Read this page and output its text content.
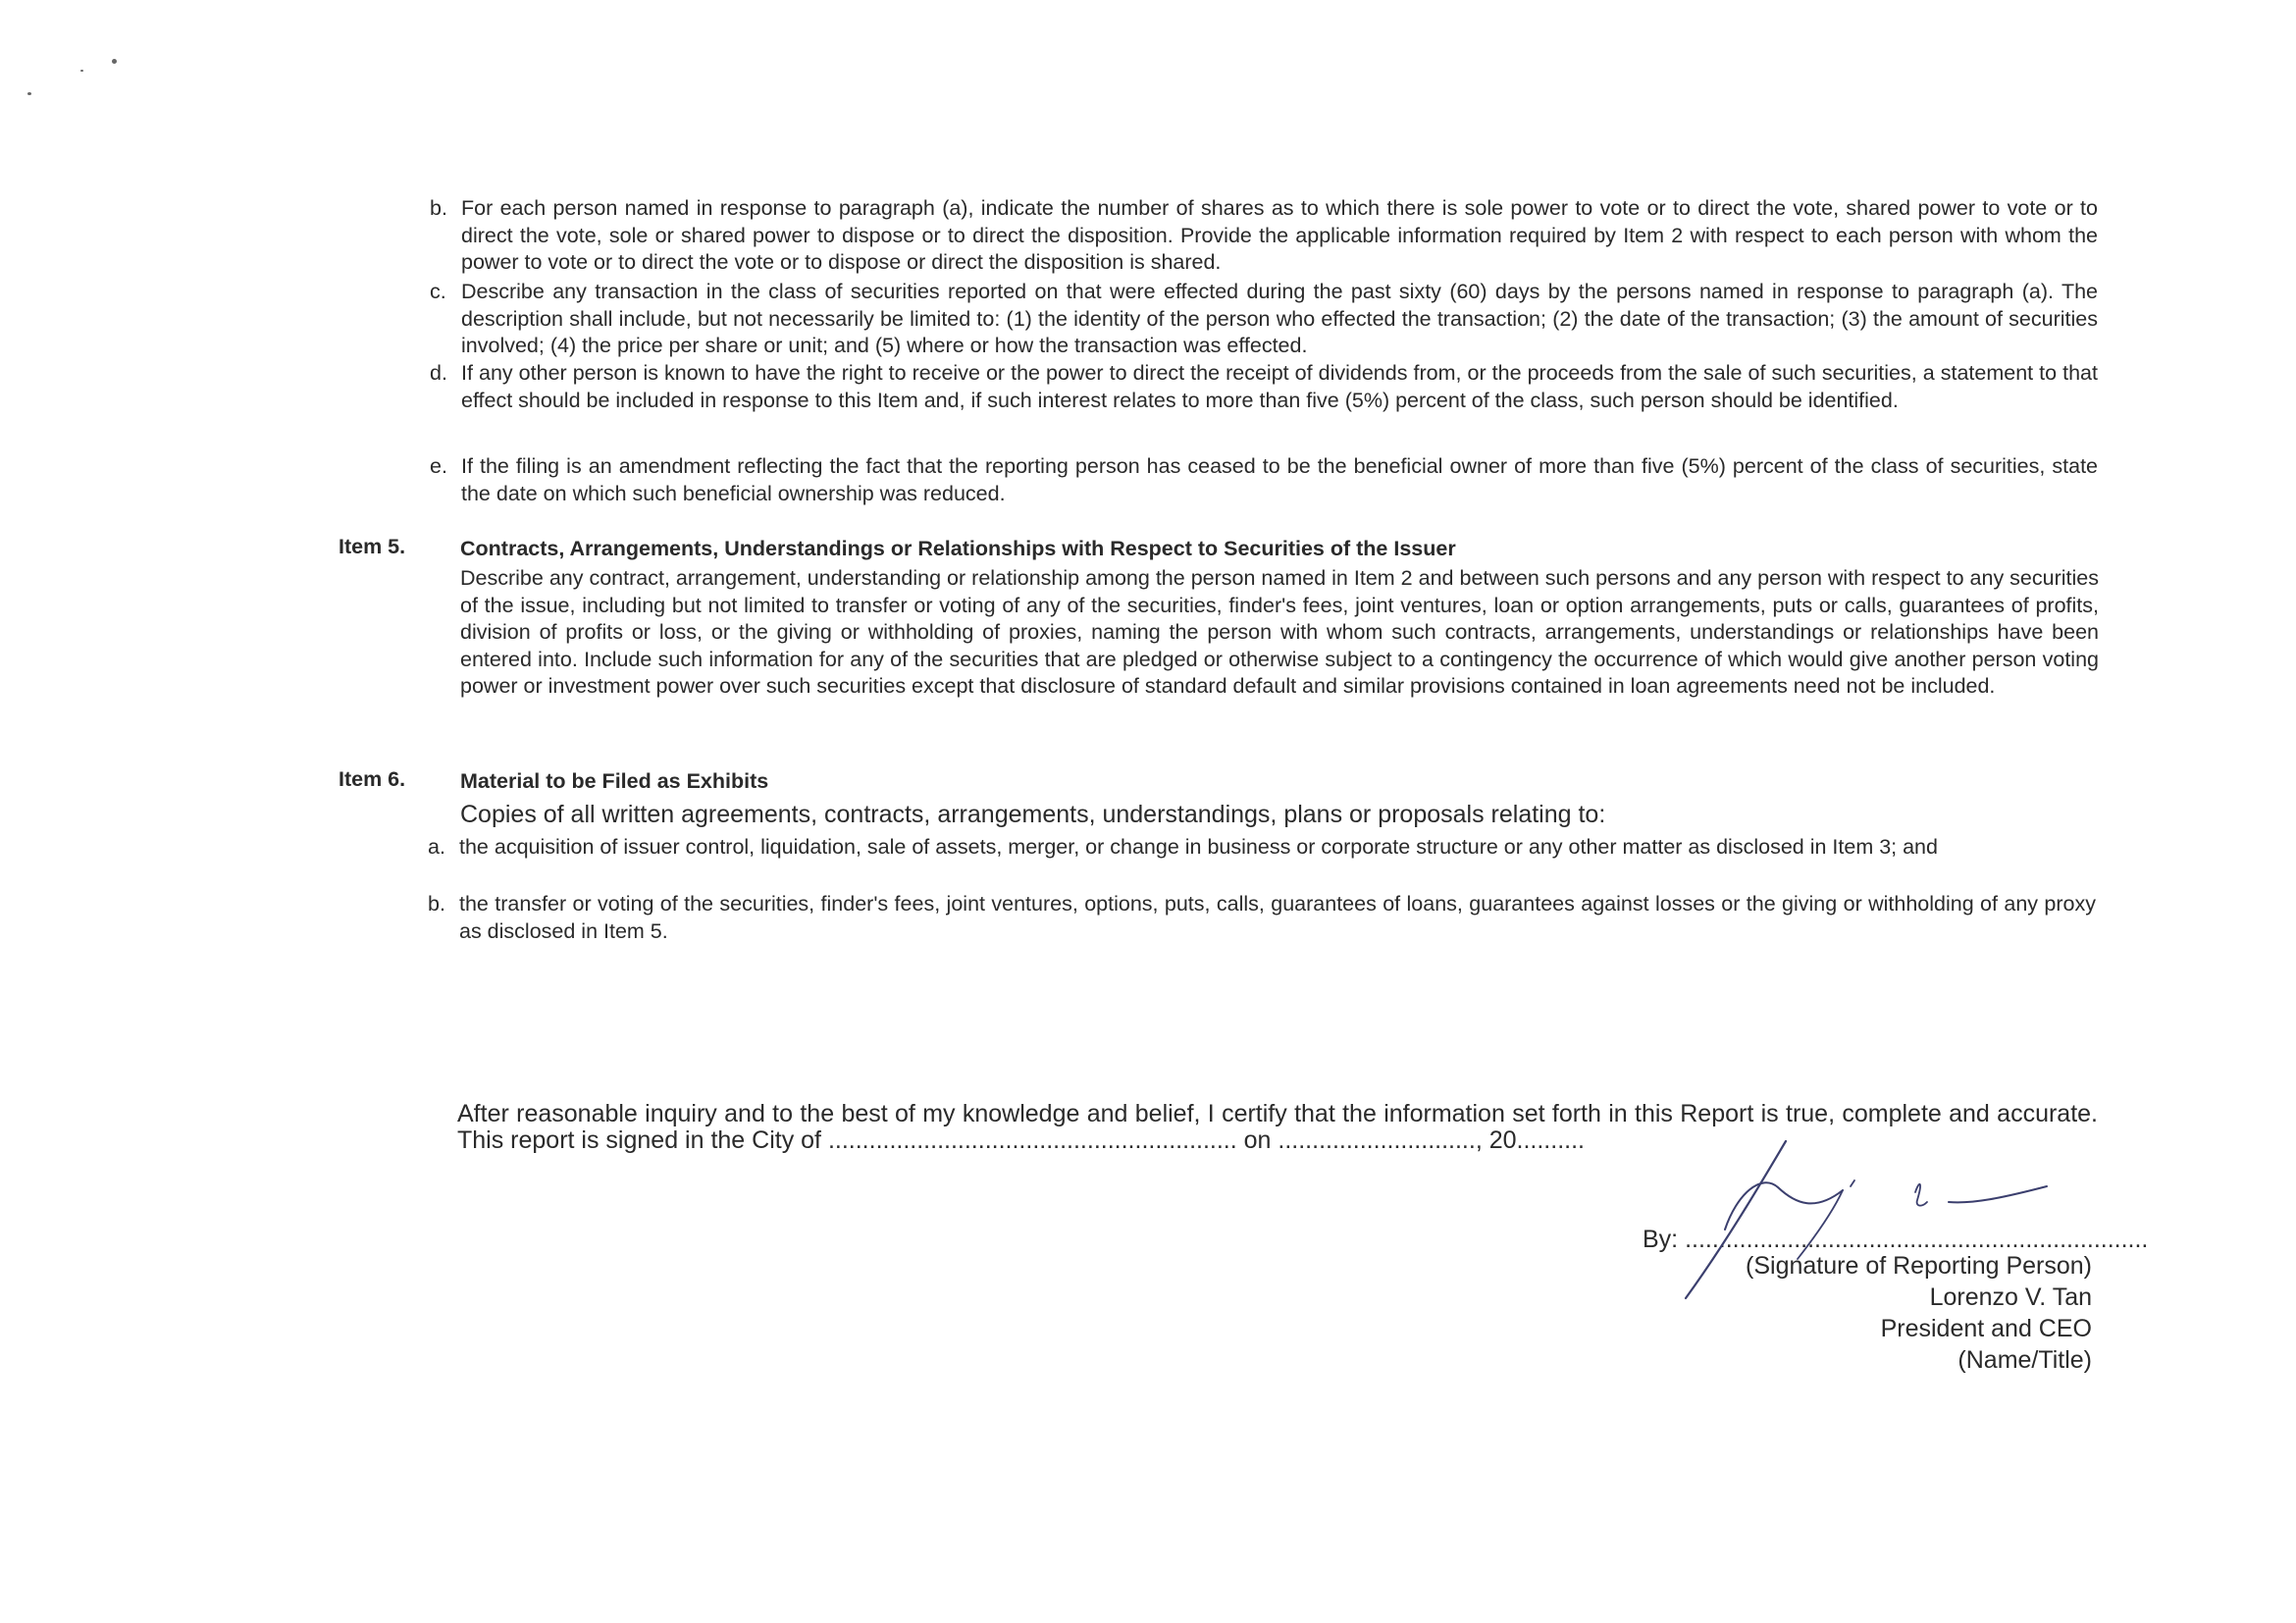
b. For each person named in response to paragraph (a), indicate the number of shares as to which there is sole power to vote or to direct the vote, shared power to vote or to direct the vote, sole or shared power to dispose or to direct the disposition. Provide the applicable information required by Item 2 with respect to each person with whom the power to vote or to direct the vote or to dispose or direct the disposition is shared.
c. Describe any transaction in the class of securities reported on that were effected during the past sixty (60) days by the persons named in response to paragraph (a). The description shall include, but not necessarily be limited to: (1) the identity of the person who effected the transaction; (2) the date of the transaction; (3) the amount of securities involved; (4) the price per share or unit; and (5) where or how the transaction was effected.
d. If any other person is known to have the right to receive or the power to direct the receipt of dividends from, or the proceeds from the sale of such securities, a statement to that effect should be included in response to this Item and, if such interest relates to more than five (5%) percent of the class, such person should be identified.
e. If the filing is an amendment reflecting the fact that the reporting person has ceased to be the beneficial owner of more than five (5%) percent of the class of securities, state the date on which such beneficial ownership was reduced.
Item 5.	Contracts, Arrangements, Understandings or Relationships with Respect to Securities of the Issuer
Describe any contract, arrangement, understanding or relationship among the person named in Item 2 and between such persons and any person with respect to any securities of the issue, including but not limited to transfer or voting of any of the securities, finder's fees, joint ventures, loan or option arrangements, puts or calls, guarantees of profits, division of profits or loss, or the giving or withholding of proxies, naming the person with whom such contracts, arrangements, understandings or relationships have been entered into. Include such information for any of the securities that are pledged or otherwise subject to a contingency the occurrence of which would give another person voting power or investment power over such securities except that disclosure of standard default and similar provisions contained in loan agreements need not be included.
Item 6.	Material to be Filed as Exhibits
Copies of all written agreements, contracts, arrangements, understandings, plans or proposals relating to:
a. the acquisition of issuer control, liquidation, sale of assets, merger, or change in business or corporate structure or any other matter as disclosed in Item 3; and
b. the transfer or voting of the securities, finder's fees, joint ventures, options, puts, calls, guarantees of loans, guarantees against losses or the giving or withholding of any proxy as disclosed in Item 5.
After reasonable inquiry and to the best of my knowledge and belief, I certify that the information set forth in this Report is true, complete and accurate. This report is signed in the City of ............................................................ on ............................., 20..........
By: ....................................................................
(Signature of Reporting Person)
Lorenzo V. Tan
President and CEO
(Name/Title)
